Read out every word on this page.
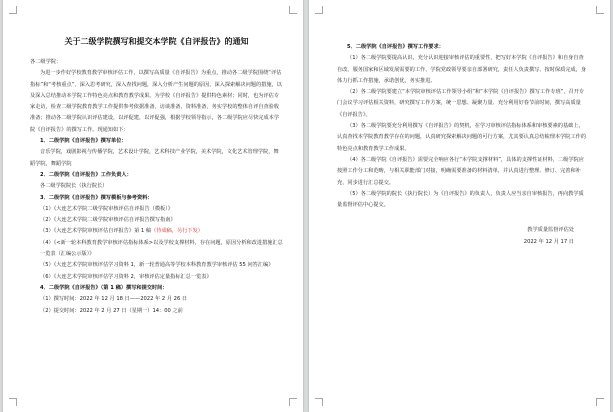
关于二级学院撰写和提交本学院《自评报告》的通知

各二级学院：

为进一步作好学校教育教学审核评估工作，以撰写高质量《自评报告》为重点，推动各二级学院围绕“评估指标”和“考核重点”，深入思考研究，深入查找问题，深入分析产生问题的原因，深入探索解决问题的措施，以及深入总结推动本学院工作特色亮点和教育教学成果。为学校《自评报告》提供特色素材；同时，也为评估专家走访，检查二级学院教育教学工作提供参考依据准备，访谈准备，资料准备，务实学校的整体自评自查验收准备；推动各二级学院认识评估建设，以评促建，以评促强，根据学校领导指示，各二级学院应尽快完成本学院《自评报告》的撰写工作。现通知如下：

1．二级学院《自评报告》撰写单位：

音乐学院，戏剧影视与传播学院，艺术设计学院，艺术科技产业学院，美术学院，文化艺术管理学院，舞蹈学院，舞蹈学院

2．二级学院《自评报告》工作负责人：

各二级学院院长（执行院长）

3．二级学院《自评报告》撰写模板与参考资料：

（1）《大连艺术学院二级学院审核评估自评报告（模板）》

（2）《大连艺术学院二级学院审核评估自评报告撰写指南》

（3）《大连艺术学院审核评估自评报告》第 1 稿（待成稿，另行下发）

（4）《<新一轮本科教育教学审核评估指标体系>以及学校支撑材料，存在问题，原因分析和改进措施汇总一览表（汇编公示版）》

（5）《大连艺术学院审核评估学习资料 1，新一轮普通高等学校本科教育教学审核评估 55 问答汇编》

（6）《大连艺术学院审核评估学习资料 2，审核评估定量指标汇总一览表》

4．二级学院《自评报告》（第 1 稿）撰写和提交时间：

（1）撰写时间：2022 年 12 月 18 日——2022 年 2 月 26 日

（2）提交时间：2022 年 2 月 27 日（星期一）14：00 之前

5．二级学院《自评报告》撰写工作要求：

（1）各二级学院要提高认识，充分认识迎接审核评估的重要性，把写好本学院《自评报告》和自身自查自改、服务国家和区域发展需要的工作、学院党政领导要亲自部署研究，责任人负责撰写、按时保质完成，身体力行抓工作措施，承诺创优，务实推进。

（2）各二级学院要建立“本学院审核评估工作领导小组”和“本学院《自评报告》撰写工作专班”，召开专门会议学习评估相关资料，研究撰写工作方案，统一思想、凝聚力量、充分利用好春节前时间，撰写高质量《自评报告》。

（3）各二级学院要充分利用撰写《自评报告》的契机，在学习审核评估指标体系和审核要素的基础上，认真查找本学院教育教学存在的问题，认真研究探索解决问题的可行方案，尤其要认真总结梳理本学院工作的特色亮点和教育教学工作成果。

（4）各二级学院《自评报告》需要完全响应各行“本学院支撑材料”，具体的支撑性证材料，二级学院应按照工作分工和范畴，与相关职能部门对接，明确需要准备的材料清单，并认真进行整理、修订、完善和补充，同步进行汇总提交。

（5）各二级学院的院长（执行院长）为《自评报告》的负责人，负责人应当亲自审核报告，再向教学质量监督评估中心提交。

教学质量监督评估处

2022 年 12 月 17 日
